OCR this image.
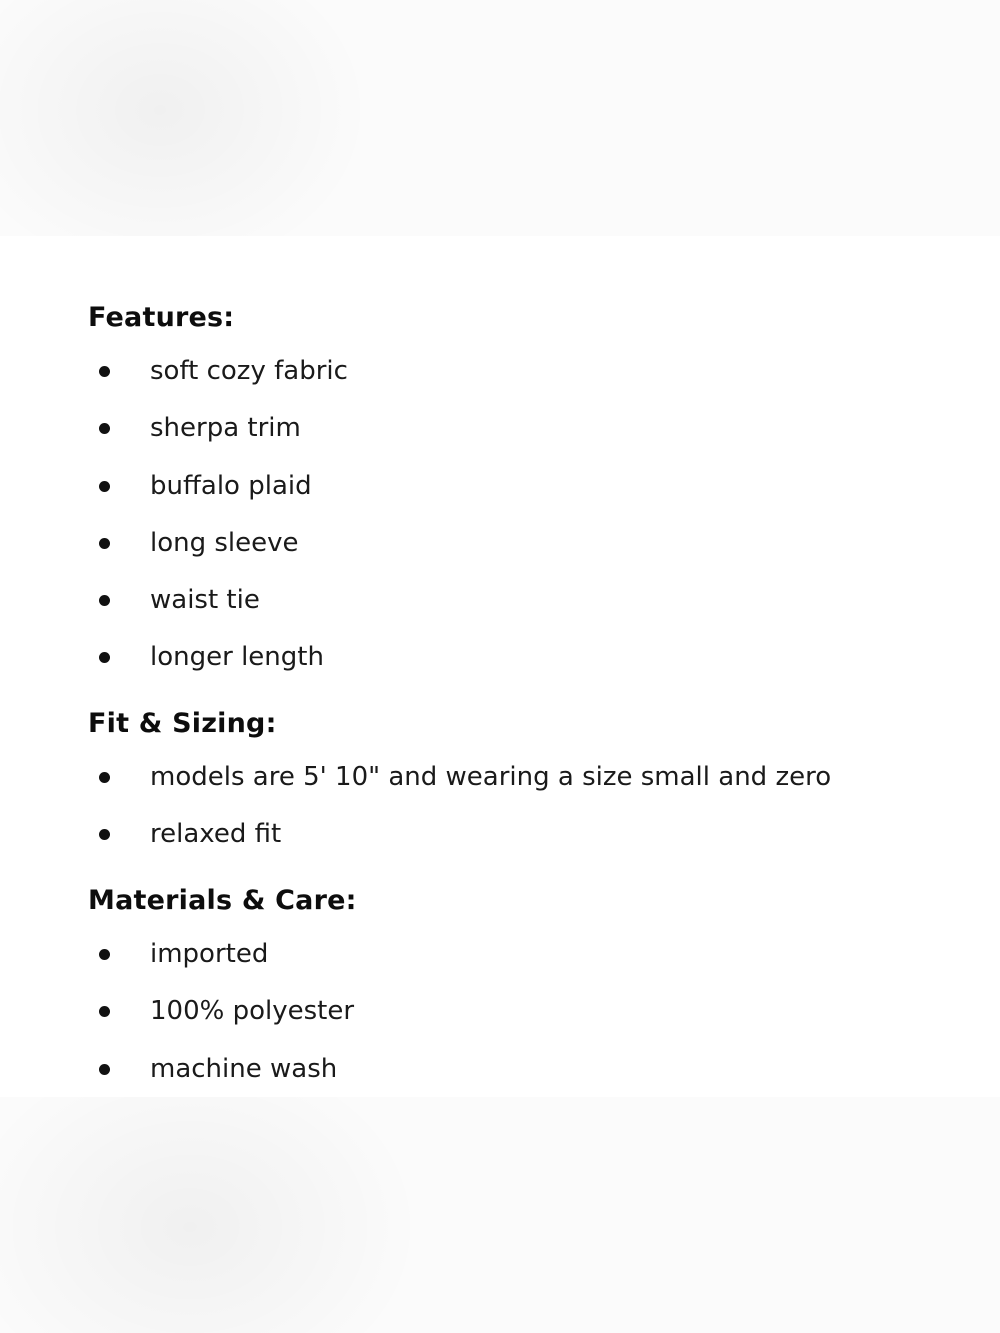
Features:
soft cozy fabric
sherpa trim
buffalo plaid
long sleeve
waist tie
longer length
Fit & Sizing:
models are 5' 10" and wearing a size small and zero
relaxed fit
Materials & Care:
imported
100% polyester
machine wash
